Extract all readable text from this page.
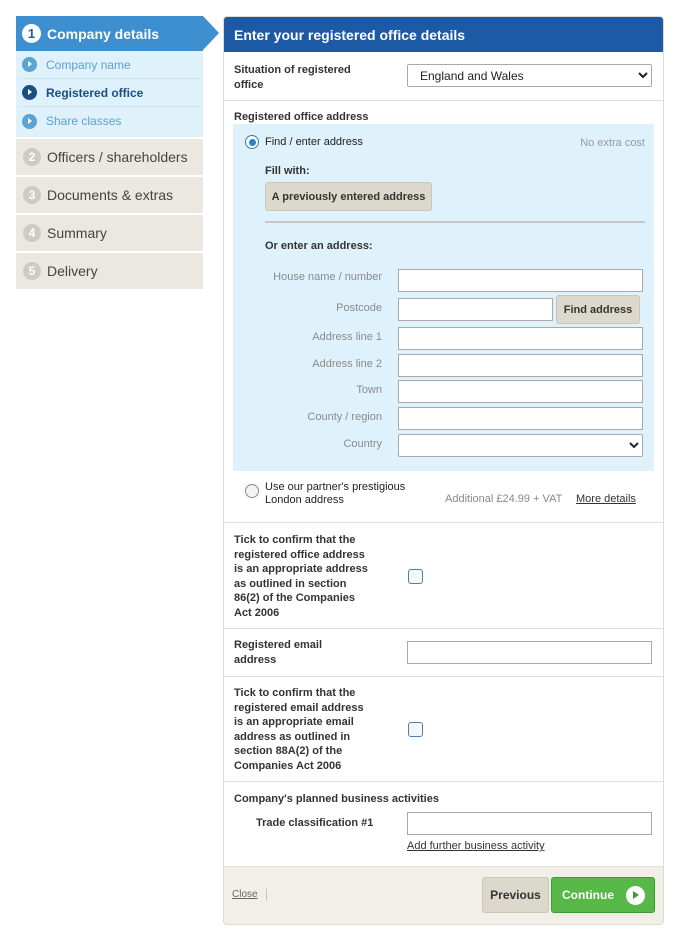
1 Company details
Company name
Registered office
Share classes
2 Officers / shareholders
3 Documents & extras
4 Summary
5 Delivery
Enter your registered office details
Situation of registered office
England and Wales
Registered office address
Find / enter address	No extra cost
Fill with:
A previously entered address
Or enter an address:
House name / number
Postcode	Find address
Address line 1
Address line 2
Town
County / region
Country
Use our partner's prestigious London address	Additional £24.99 + VAT More details
Tick to confirm that the registered office address is an appropriate address as outlined in section 86(2) of the Companies Act 2006
Registered email address
Tick to confirm that the registered email address is an appropriate email address as outlined in section 88A(2) of the Companies Act 2006
Company's planned business activities
Trade classification #1
Add further business activity
Close	Previous	Continue
